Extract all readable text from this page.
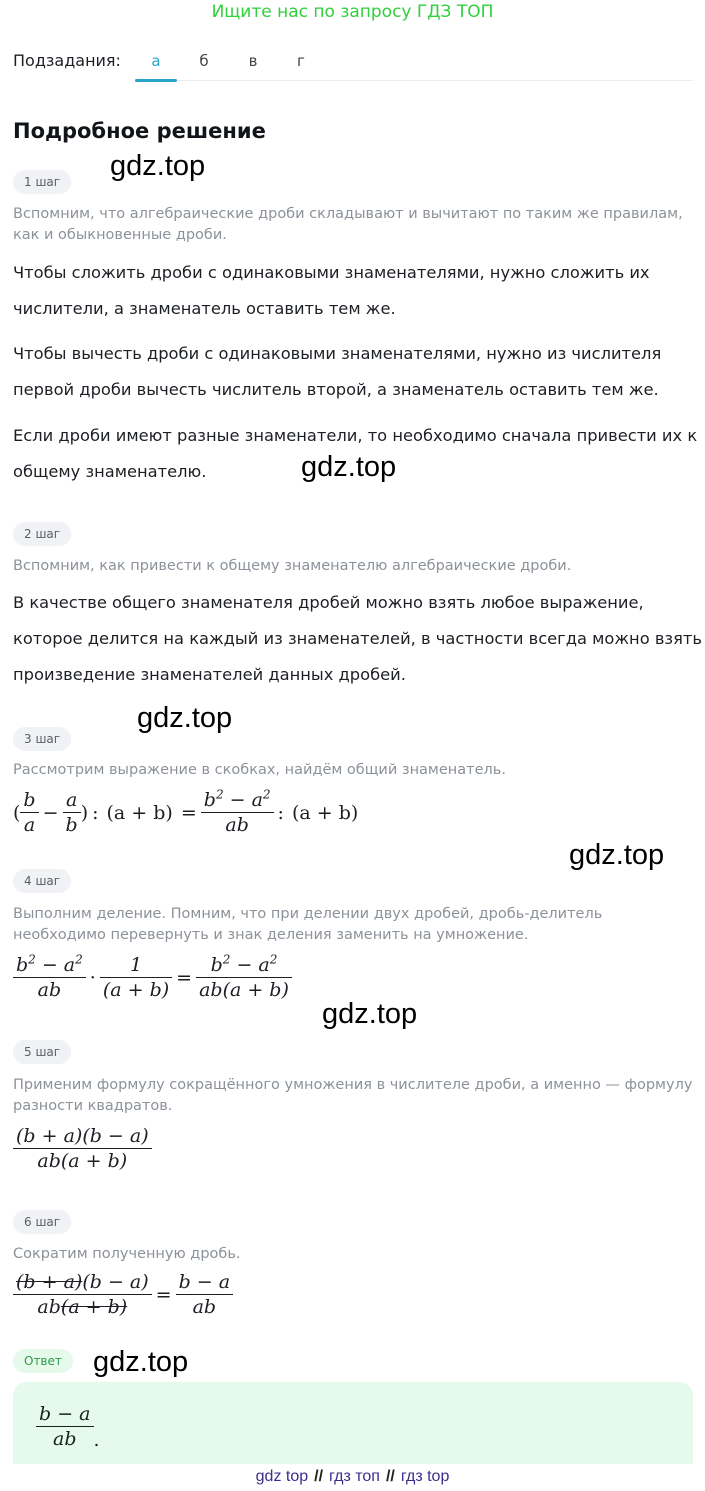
Ищите нас по запросу ГДЗ ТОП
Подзадания:	а	б	в	г
Подробное решение
1 шаг	gdz.top
Вспомним, что алгебраические дроби складывают и вычитают по таким же правилам, как и обыкновенные дроби.
Чтобы сложить дроби с одинаковыми знаменателями, нужно сложить их числители, а знаменатель оставить тем же.
Чтобы вычесть дроби с одинаковыми знаменателями, нужно из числителя первой дроби вычесть числитель второй, а знаменатель оставить тем же.
Если дроби имеют разные знаменатели, то необходимо сначала привести их к общему знаменателю.	gdz.top
2 шаг
Вспомним, как привести к общему знаменателю алгебраические дроби.
В качестве общего знаменателя дробей можно взять любое выражение, которое делится на каждый из знаменателей, в частности всегда можно взять произведение знаменателей данных дробей.
gdz.top
3 шаг
Рассмотрим выражение в скобках, найдём общий знаменатель.
( $\frac{b}{a} - \frac{a}{b}$ ) : $(a + b) = \frac{b^2 - a^2}{ab}$ : (a + b)
gdz.top
4 шаг
Выполним деление. Помним, что при делении двух дробей, дробь-делитель необходимо перевернуть и знак деления заменить на умножение.
$\frac{b^2 - a^2}{ab} \cdot \frac{1}{(a + b)} = \frac{b^2 - a^2}{ab(a + b)}$
gdz.top
5 шаг
Применим формулу сокращённого умножения в числителе дроби, а именно — формулу разности квадратов.
$\frac{(b + a)(b - a)}{ab(a + b)}$
6 шаг
Сократим полученную дробь.
$\frac{(b + a)(b - a)}{ab(a + b)} = \frac{b - a}{ab}$
Ответ	gdz.top
$\frac{b - a}{ab}$ .
gdz top // гдз топ // гдз top
